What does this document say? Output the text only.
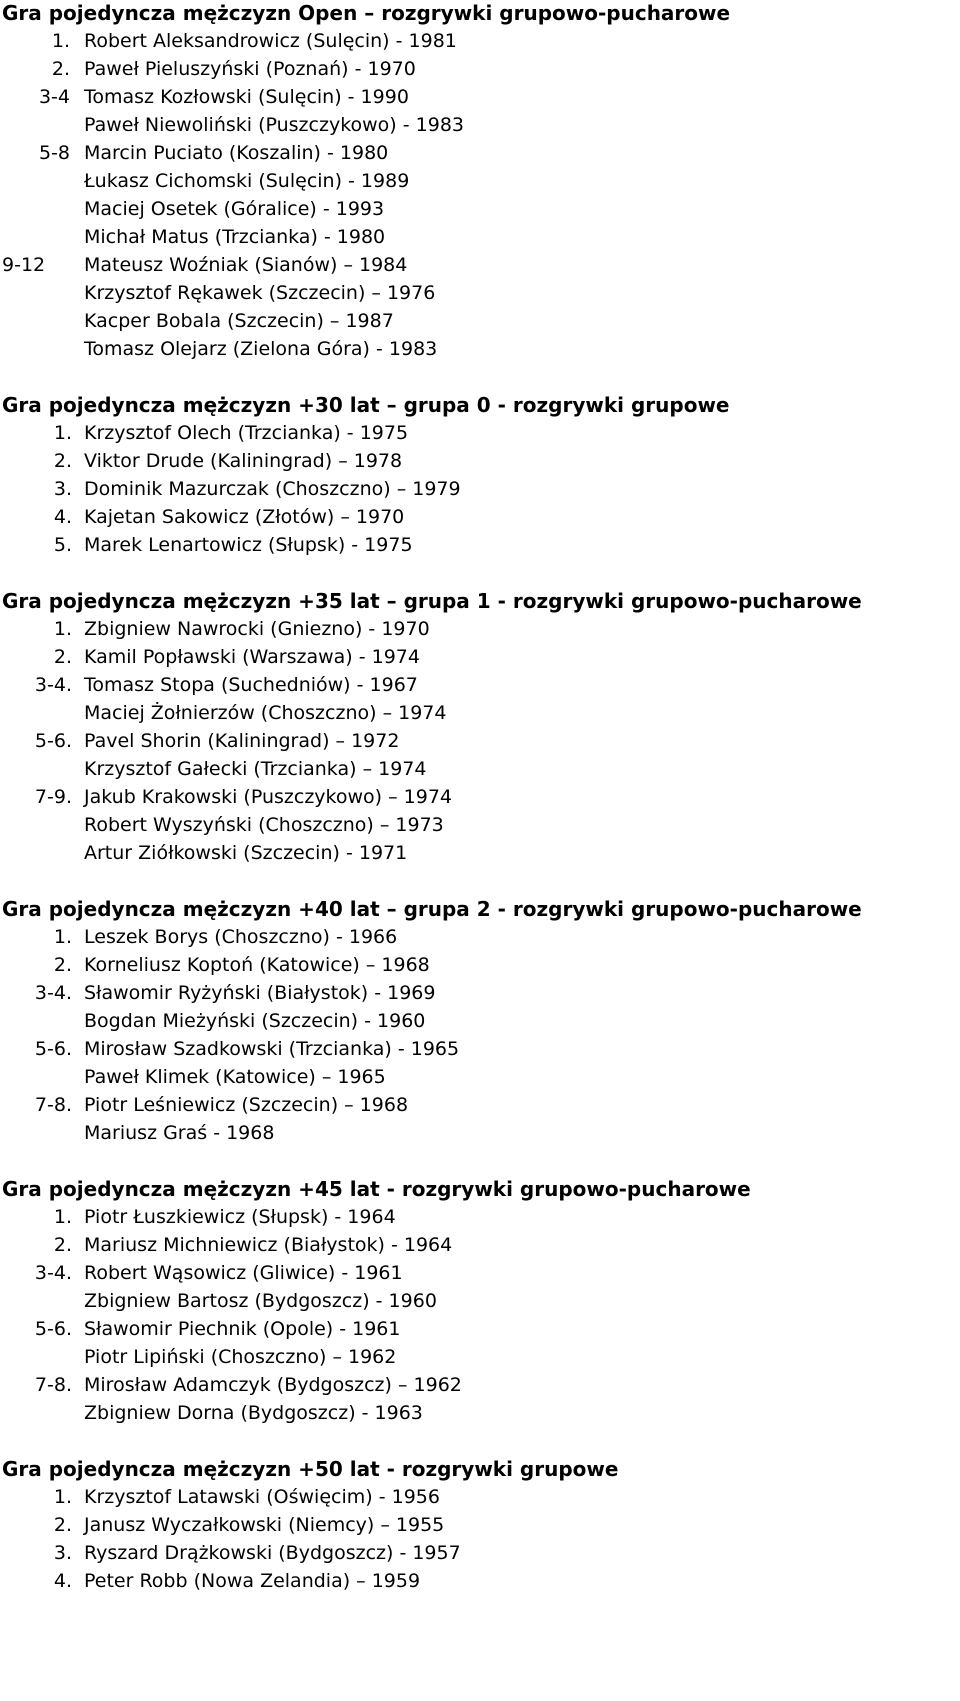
Gra pojedyncza mężczyzn Open – rozgrywki grupowo-pucharowe
1. Robert Aleksandrowicz (Sulęcin) - 1981
2. Paweł Pieluszyński (Poznań) - 1970
3-4 Tomasz Kozłowski (Sulęcin) - 1990
Paweł Niewoliński (Puszczykowo) - 1983
5-8 Marcin Puciato (Koszalin) - 1980
Łukasz Cichomski (Sulęcin) - 1989
Maciej Osetek (Góralice) - 1993
Michał Matus (Trzcianka) - 1980
9-12	Mateusz Woźniak (Sianów) – 1984
Krzysztof Rękawek (Szczecin) – 1976
Kacper Bobala (Szczecin) – 1987
Tomasz Olejarz (Zielona Góra) - 1983
Gra pojedyncza mężczyzn +30 lat – grupa 0 - rozgrywki grupowe
1. Krzysztof Olech (Trzcianka) - 1975
2. Viktor Drude (Kaliningrad) – 1978
3. Dominik Mazurczak (Choszczno) – 1979
4. Kajetan Sakowicz (Złotów) – 1970
5. Marek Lenartowicz (Słupsk) - 1975
Gra pojedyncza mężczyzn +35 lat – grupa 1 - rozgrywki grupowo-pucharowe
1. Zbigniew Nawrocki (Gniezno) - 1970
2. Kamil Popławski (Warszawa) - 1974
3-4. Tomasz Stopa (Suchedniów) - 1967
Maciej Żołnierzów (Choszczno) – 1974
5-6. Pavel Shorin (Kaliningrad) – 1972
Krzysztof Gałecki (Trzcianka) – 1974
7-9. Jakub Krakowski (Puszczykowo) – 1974
Robert Wyszyński (Choszczno) – 1973
Artur Ziółkowski (Szczecin) - 1971
Gra pojedyncza mężczyzn +40 lat – grupa 2 - rozgrywki grupowo-pucharowe
1. Leszek Borys (Choszczno) - 1966
2. Korneliusz Koptoń (Katowice) – 1968
3-4. Sławomir Ryżyński (Białystok) - 1969
Bogdan Mieżyński (Szczecin) - 1960
5-6. Mirosław Szadkowski (Trzcianka) - 1965
Paweł Klimek (Katowice) – 1965
7-8. Piotr Leśniewicz (Szczecin) – 1968
Mariusz Graś - 1968
Gra pojedyncza mężczyzn +45 lat - rozgrywki grupowo-pucharowe
1. Piotr Łuszkiewicz (Słupsk) - 1964
2. Mariusz Michniewicz (Białystok) - 1964
3-4. Robert Wąsowicz (Gliwice) - 1961
Zbigniew Bartosz (Bydgoszcz) - 1960
5-6. Sławomir Piechnik (Opole) - 1961
Piotr Lipiński (Choszczno) – 1962
7-8. Mirosław Adamczyk (Bydgoszcz) – 1962
Zbigniew Dorna (Bydgoszcz) - 1963
Gra pojedyncza mężczyzn +50 lat - rozgrywki grupowe
1. Krzysztof Latawski (Oświęcim) - 1956
2. Janusz Wyczałkowski (Niemcy) – 1955
3. Ryszard Drążkowski (Bydgoszcz) - 1957
4. Peter Robb (Nowa Zelandia) – 1959
